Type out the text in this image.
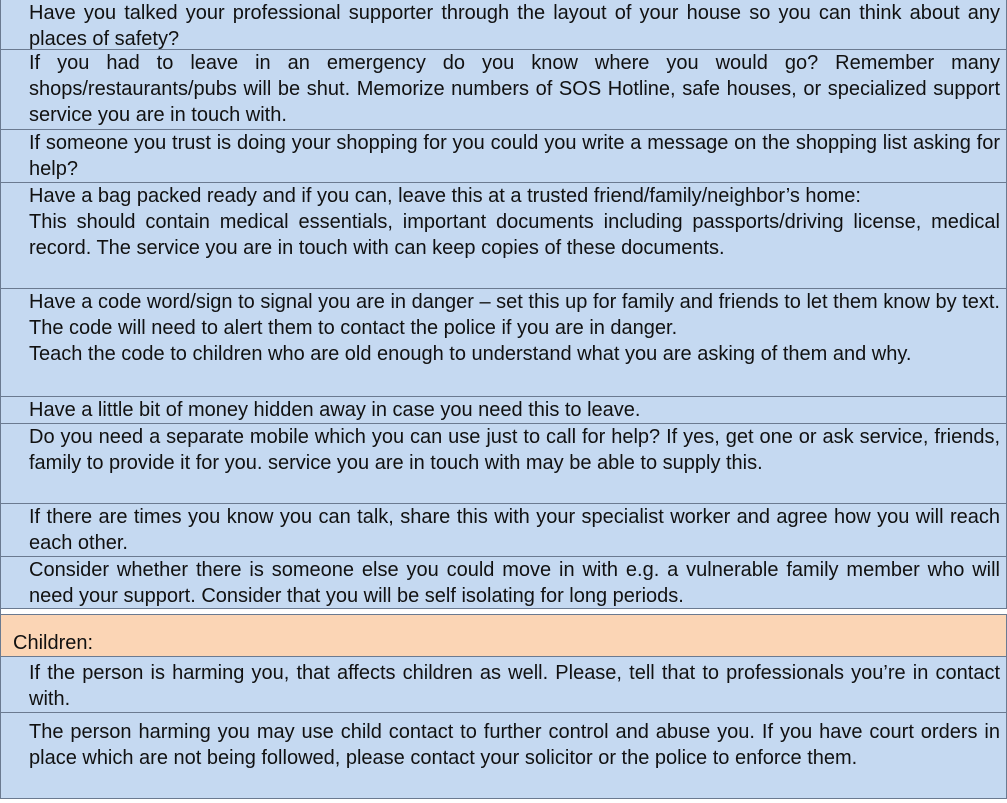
Have you talked your professional supporter through the layout of your house so you can think about any places of safety?

If you had to leave in an emergency do you know where you would go? Remember many shops/restaurants/pubs will be shut. Memorize numbers of SOS Hotline, safe houses, or specialized support service you are in touch with.

If someone you trust is doing your shopping for you could you write a message on the shopping list asking for help?

Have a bag packed ready and if you can, leave this at a trusted friend/family/neighbor’s home:

This should contain medical essentials, important documents including passports/driving license, medical record. The service you are in touch with can keep copies of these documents.

Have a code word/sign to signal you are in danger – set this up for family and friends to let them know by text. The code will need to alert them to contact the police if you are in danger.

Teach the code to children who are old enough to understand what you are asking of them and why.

Have a little bit of money hidden away in case you need this to leave.

Do you need a separate mobile which you can use just to call for help? If yes, get one or ask service, friends, family to provide it for you. service you are in touch with may be able to supply this.

If there are times you know you can talk, share this with your specialist worker and agree how you will reach each other.

Consider whether there is someone else you could move in with e.g. a vulnerable family member who will need your support. Consider that you will be self isolating for long periods.

Children:

If the person is harming you, that affects children as well. Please, tell that to professionals you’re in contact with.

The person harming you may use child contact to further control and abuse you. If you have court orders in place which are not being followed, please contact your solicitor or the police to enforce them.
